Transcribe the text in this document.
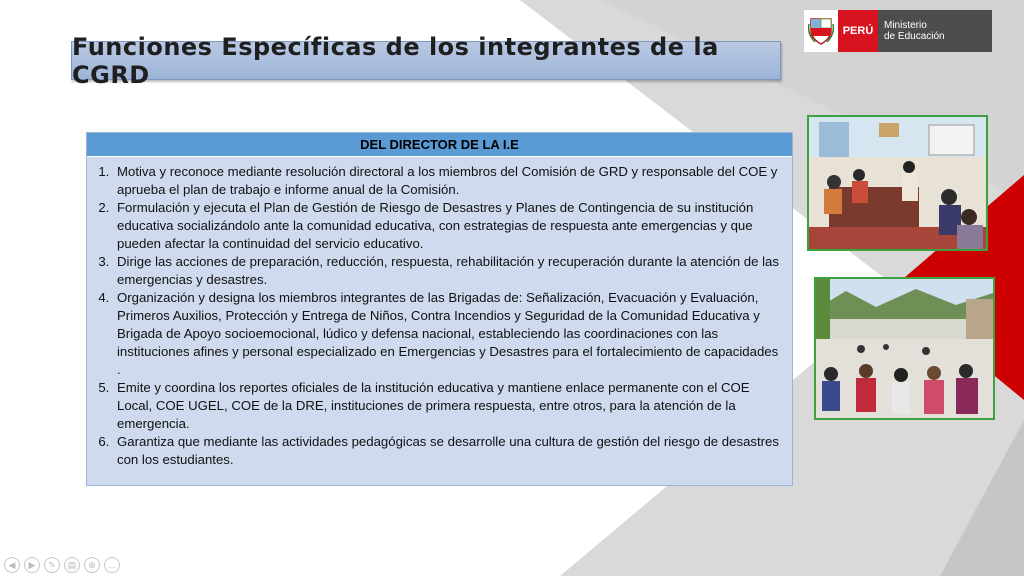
Funciones Específicas de los integrantes de la CGRD
PERÚ	Ministerio
de Educación
DEL DIRECTOR DE LA I.E
1. Motiva y reconoce mediante resolución directoral a los miembros del Comisión de GRD y responsable del COE y aprueba el plan de trabajo e informe anual de la Comisión.
2. Formulación y ejecuta el Plan de Gestión de Riesgo de Desastres y Planes de Contingencia de su institución educativa socializándolo ante la comunidad educativa, con estrategias de respuesta ante emergencias y que pueden afectar la continuidad del servicio educativo.
3. Dirige las acciones de preparación, reducción, respuesta, rehabilitación y recuperación durante la atención de las emergencias y desastres.
4. Organización y designa los miembros integrantes de las Brigadas de: Señalización, Evacuación y Evaluación, Primeros Auxilios, Protección y Entrega de Niños, Contra Incendios y Seguridad de la Comunidad Educativa y Brigada de Apoyo socioemocional, lúdico y defensa nacional, estableciendo las coordinaciones con las instituciones afines y personal especializado en Emergencias y Desastres para el fortalecimiento de capacidades .
5. Emite y coordina los reportes oficiales de la institución educativa y mantiene enlace permanente con el COE Local, COE UGEL, COE de la DRE, instituciones de primera respuesta, entre otros, para la atención de la emergencia.
6. Garantiza que mediante las actividades pedagógicas se desarrolle una cultura de gestión del riesgo de desastres con los estudiantes.
◀	▶	✎	▤	⊕	…
